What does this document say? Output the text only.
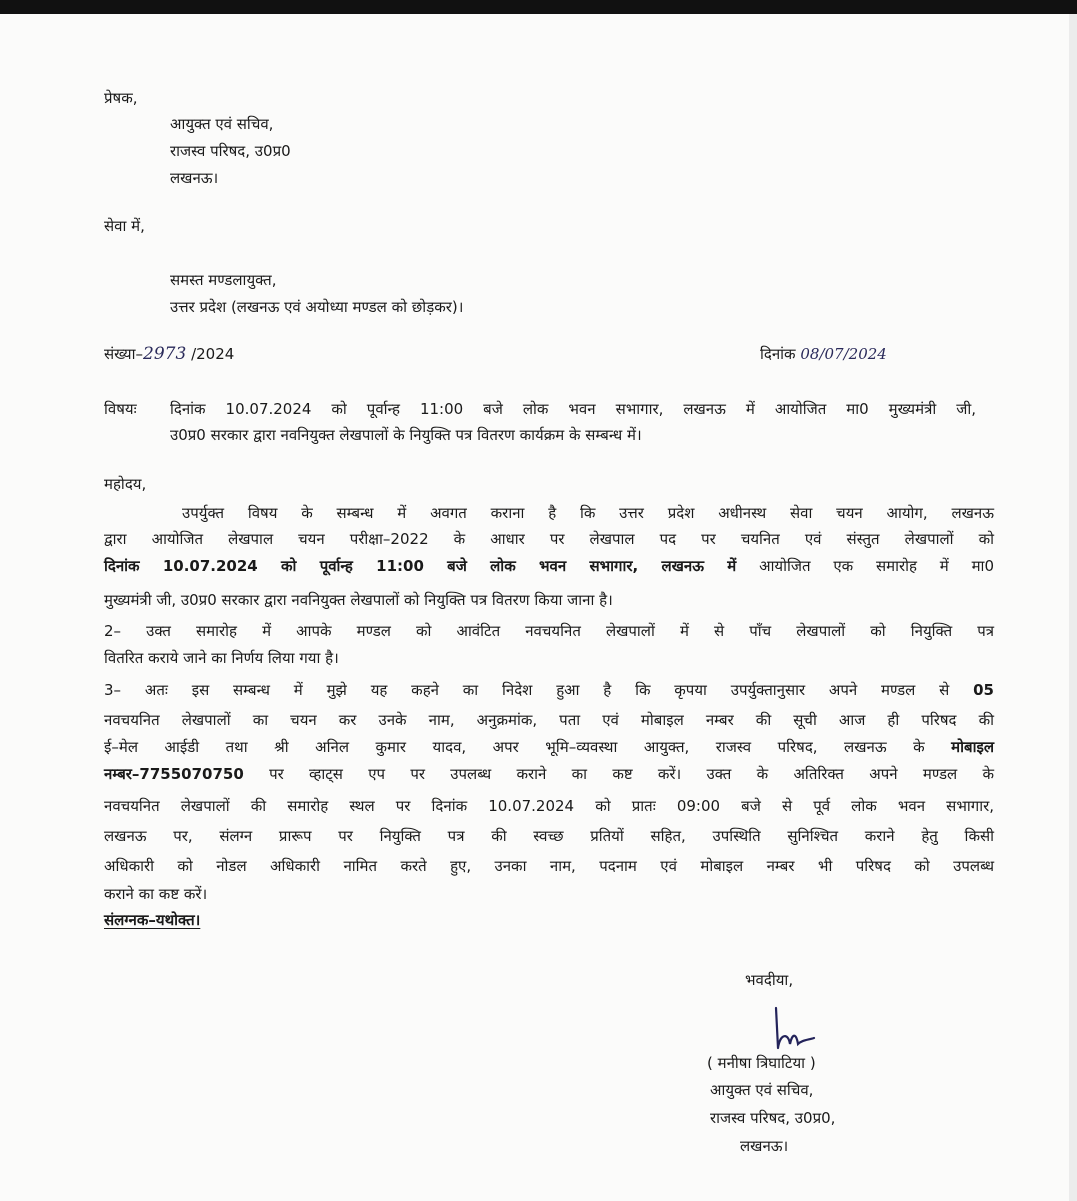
प्रेषक,
आयुक्त एवं सचिव,
राजस्व परिषद, उ0प्र0
लखनऊ।
सेवा में,
समस्त मण्डलायुक्त,
उत्तर प्रदेश (लखनऊ एवं अयोध्या मण्डल को छोड़कर)।
संख्या–2973 /2024	दिनांक 08/07/2024
विषयः दिनांक 10.07.2024 को पूर्वान्ह 11:00 बजे लोक भवन सभागार, लखनऊ में आयोजित मा0 मुख्यमंत्री जी,
उ0प्र0 सरकार द्वारा नवनियुक्त लेखपालों के नियुक्ति पत्र वितरण कार्यक्रम के सम्बन्ध में।
महोदय,
उपर्युक्त विषय के सम्बन्ध में अवगत कराना है कि उत्तर प्रदेश अधीनस्थ सेवा चयन आयोग, लखनऊ
द्वारा आयोजित लेखपाल चयन परीक्षा–2022 के आधार पर लेखपाल पद पर चयनित एवं संस्तुत लेखपालों को
दिनांक 10.07.2024 को पूर्वान्ह 11:00 बजे लोक भवन सभागार, लखनऊ में आयोजित एक समारोह में मा0
मुख्यमंत्री जी, उ0प्र0 सरकार द्वारा नवनियुक्त लेखपालों को नियुक्ति पत्र वितरण किया जाना है।
2– उक्त समारोह में आपके मण्डल को आवंटित नवचयनित लेखपालों में से पाँच लेखपालों को नियुक्ति पत्र
वितरित कराये जाने का निर्णय लिया गया है।
3– अतः इस सम्बन्ध में मुझे यह कहने का निदेश हुआ है कि कृपया उपर्युक्तानुसार अपने मण्डल से 05
नवचयनित लेखपालों का चयन कर उनके नाम, अनुक्रमांक, पता एवं मोबाइल नम्बर की सूची आज ही परिषद की
ई–मेल आईडी तथा श्री अनिल कुमार यादव, अपर भूमि–व्यवस्था आयुक्त, राजस्व परिषद, लखनऊ के मोबाइल
नम्बर–7755070750 पर व्हाट्स एप पर उपलब्ध कराने का कष्ट करें। उक्त के अतिरिक्त अपने मण्डल के
नवचयनित लेखपालों की समारोह स्थल पर दिनांक 10.07.2024 को प्रातः 09:00 बजे से पूर्व लोक भवन सभागार,
लखनऊ पर, संलग्न प्रारूप पर नियुक्ति पत्र की स्वच्छ प्रतियों सहित, उपस्थिति सुनिश्चित कराने हेतु किसी
अधिकारी को नोडल अधिकारी नामित करते हुए, उनका नाम, पदनाम एवं मोबाइल नम्बर भी परिषद को उपलब्ध
कराने का कष्ट करें।
संलग्नक–यथोक्त।
भवदीया,
( मनीषा त्रिघाटिया )
आयुक्त एवं सचिव,
राजस्व परिषद, उ0प्र0,
लखनऊ।
